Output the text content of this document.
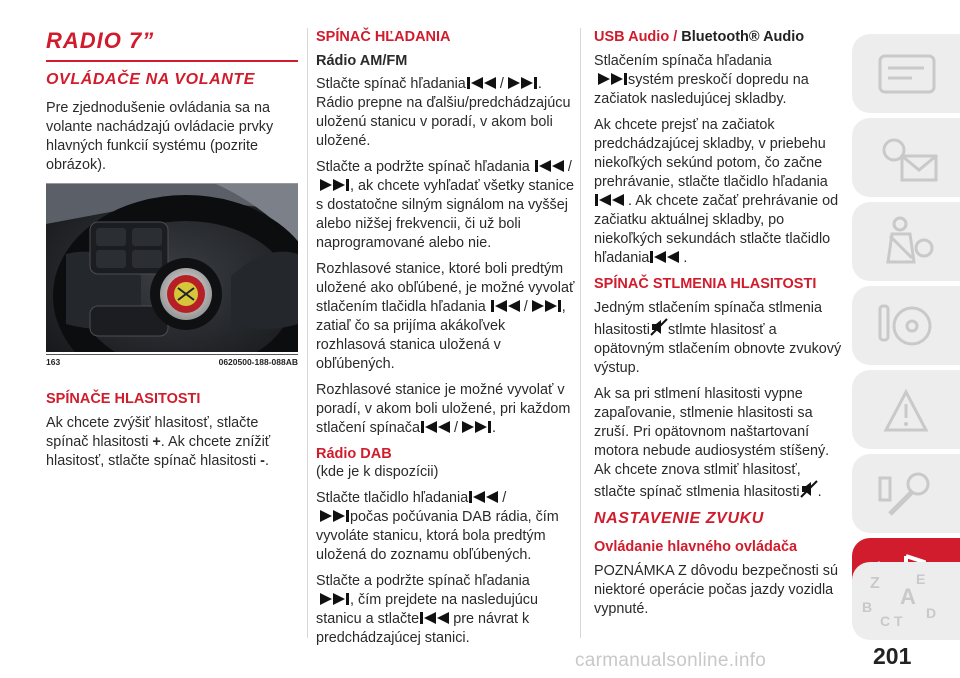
RADIO 7”
OVLÁDAČE NA VOLANTE

Pre zjednodušenie ovládania sa na volante nachádzajú ovládacie prvky hlavných funkcií systému (pozrite obrázok).

163	0620500-188-088AB
SPÍNAČE HLASITOSTI

Ak chcete zvýšiť hlasitosť, stlačte spínač hlasitosti +. Ak chcete znížiť hlasitosť, stlačte spínač hlasitosti -.

SPÍNAČ HĽADANIA
Rádio AM/FM

Stlačte spínač hľadania / . Rádio prepne na ďalšiu/predchádzajúcu uloženú stanicu v poradí, v akom boli uložené.

Stlačte a podržte spínač hľadania	/
, ak chcete vyhľadať všetky stanice s dostatočne silným signálom na vyššej alebo nižšej frekvencii, či už boli naprogramované alebo nie.

Rozhlasové stanice, ktoré boli predtým uložené ako obľúbené, je možné vyvolať stlačením tlačidla hľadania	/ , zatiaľ čo sa prijíma akákoľvek rozhlasová stanica uložená v obľúbených.

Rozhlasové stanice je možné vyvolať v poradí, v akom boli uložené, pri každom stlačení spínača / .

Rádio DAB

(kde je k dispozícii)

Stlačte tlačidlo hľadania /

počas počúvania DAB rádia, čím vyvoláte stanicu, ktorá bola predtým uložená do zoznamu obľúbených.

Stlačte a podržte spínač hľadania

, čím prejdete na nasledujúcu stanicu a stlačte pre návrat k predchádzajúcej stanici.

USB Audio / Bluetooth® Audio

Stlačením spínača hľadania

systém preskočí dopredu na začiatok nasledujúcej skladby.

Ak chcete prejsť na začiatok predchádzajúcej skladby, v priebehu niekoľkých sekúnd potom, čo začne prehrávanie, stlačte tlačidlo hľadania

. Ak chcete začať prehrávanie od začiatku aktuálnej skladby, po niekoľkých sekundách stlačte tlačidlo hľadania .

SPÍNAČ STLMENIA HLASITOSTI

Jedným stlačením spínača stlmenia hlasitosti stlmte hlasitosť a opätovným stlačením obnovte zvukový výstup.

Ak sa pri stlmení hlasitosti vypne zapaľovanie, stlmenie hlasitosti sa zruší. Pri opätovnom naštartovaní motora nebude audiosystém stíšený. Ak chcete znova stlmiť hlasitosť, stlačte spínač stlmenia hlasitosti .

NASTAVENIE ZVUKU
Ovládanie hlavného ovládača

POZNÁMKA Z dôvodu bezpečnosti sú niektoré operácie počas jazdy vozidla vypnuté.

Z	E
A
B
C T D
201
carmanualsonline.info
